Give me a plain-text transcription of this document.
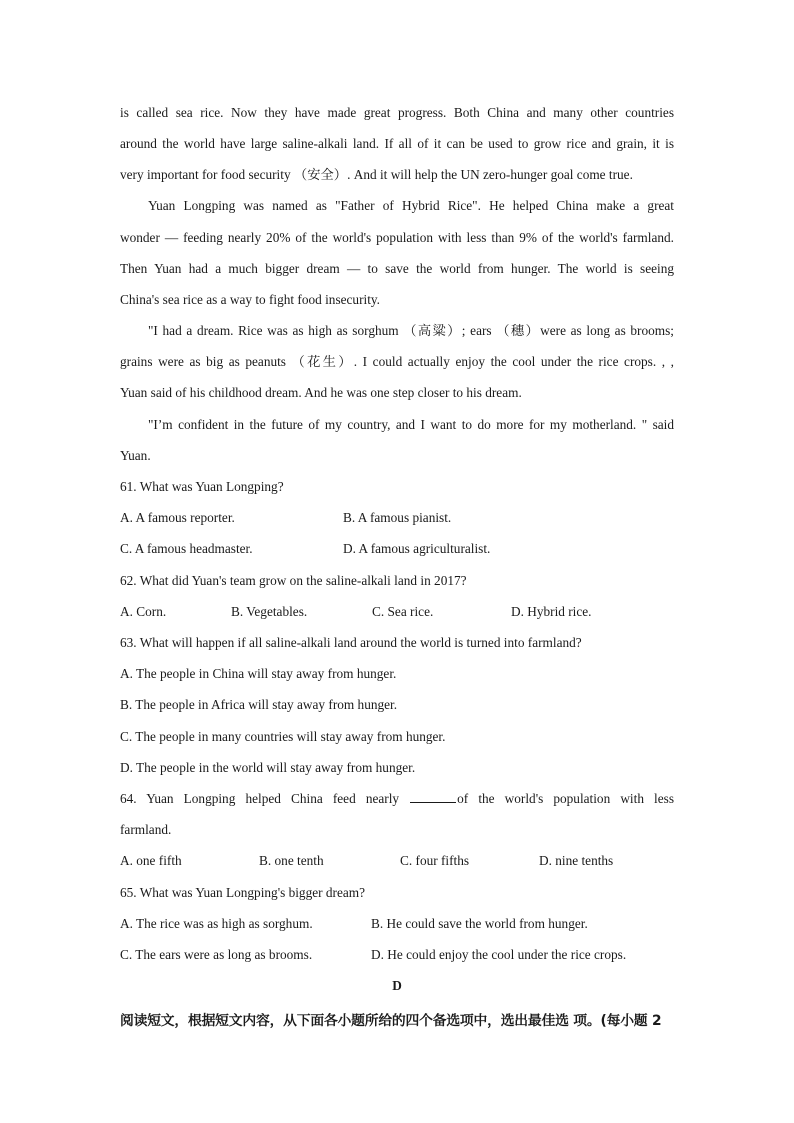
is called sea rice. Now they have made great progress. Both China and many other countries
around the world have large saline-alkali land. If all of it can be used to grow rice and grain, it is
very important for food security （安全）. And it will help the UN zero-hunger goal come true.
Yuan Longping was named as "Father of Hybrid Rice". He helped China make a great
wonder — feeding nearly 20% of the world's population with less than 9% of the world's farmland.
Then Yuan had a much bigger dream — to save the world from hunger. The world is seeing
China's sea rice as a way to fight food insecurity.
"I had a dream. Rice was as high as sorghum （高粱）; ears （穗）were as long as brooms;
grains were as big as peanuts （花生）. I could actually enjoy the cool under the rice crops. , ,
Yuan said of his childhood dream. And he was one step closer to his dream.
"I’m confident in the future of my country, and I want to do more for my motherland. " said
Yuan.
61. What was Yuan Longping?
A. A famous reporter.	B. A famous pianist.
C. A famous headmaster.	D. A famous agriculturalist.
62. What did Yuan's team grow on the saline-alkali land in 2017?
A. Corn.	B. Vegetables.	C. Sea rice.	D. Hybrid rice.
63. What will happen if all saline-alkali land around the world is turned into farmland?
A. The people in China will stay away from hunger.
B. The people in Africa will stay away from hunger.
C. The people in many countries will stay away from hunger.
D. The people in the world will stay away from hunger.
64. Yuan Longping helped China feed nearly	of the world's population with less
farmland.
A. one fifth	B. one tenth	C. four fifths	D. nine tenths
65. What was Yuan Longping's bigger dream?
A. The rice was as high as sorghum.	B. He could save the world from hunger.
C. The ears were as long as brooms.	D. He could enjoy the cool under the rice crops.
D
阅读短文，根据短文内容，从下面各小题所给的四个备选项中，选出最佳选 项。(每小题 2
